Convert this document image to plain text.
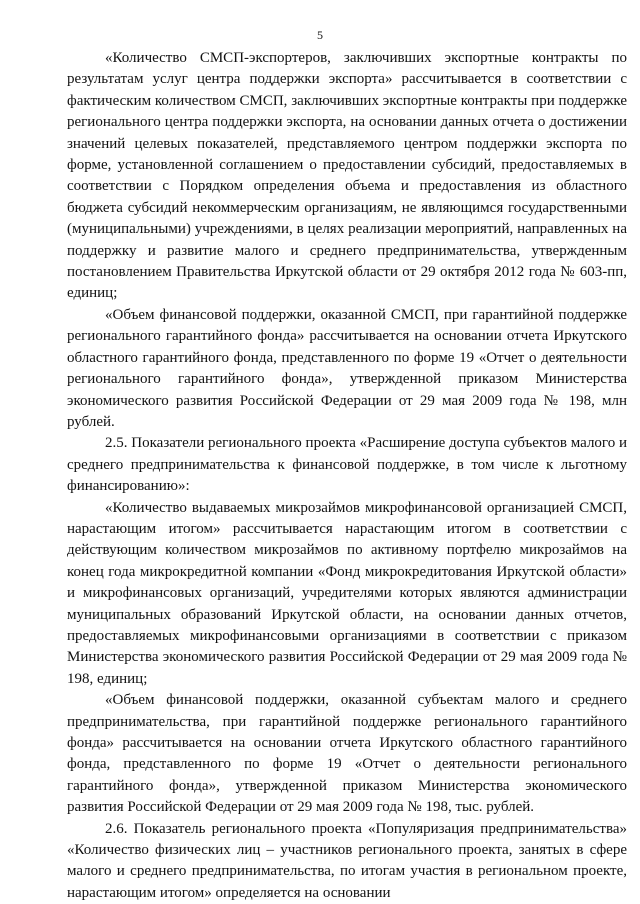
5

«Количество СМСП-экспортеров, заключивших экспортные контракты по результатам услуг центра поддержки экспорта» рассчитывается в соответствии с фактическим количеством СМСП, заключивших экспортные контракты при поддержке регионального центра поддержки экспорта, на основании данных отчета о достижении значений целевых показателей, представляемого центром поддержки экспорта по форме, установленной соглашением о предоставлении субсидий, предоставляемых в соответствии с Порядком определения объема и предоставления из областного бюджета субсидий некоммерческим организациям, не являющимся государственными (муниципальными) учреждениями, в целях реализации мероприятий, направленных на поддержку и развитие малого и среднего предпринимательства, утвержденным постановлением Правительства Иркутской области от 29 октября 2012 года № 603-пп, единиц;

«Объем финансовой поддержки, оказанной СМСП, при гарантийной поддержке регионального гарантийного фонда» рассчитывается на основании отчета Иркутского областного гарантийного фонда, представленного по форме 19 «Отчет о деятельности регионального гарантийного фонда», утвержденной приказом Министерства экономического развития Российской Федерации от 29 мая 2009 года № 198, млн рублей.

2.5. Показатели регионального проекта «Расширение доступа субъектов малого и среднего предпринимательства к финансовой поддержке, в том числе к льготному финансированию»:

«Количество выдаваемых микрозаймов микрофинансовой организацией СМСП, нарастающим итогом» рассчитывается нарастающим итогом в соответствии с действующим количеством микрозаймов по активному портфелю микрозаймов на конец года микрокредитной компании «Фонд микрокредитования Иркутской области» и микрофинансовых организаций, учредителями которых являются администрации муниципальных образований Иркутской области, на основании данных отчетов, предоставляемых микрофинансовыми организациями в соответствии с приказом Министерства экономического развития Российской Федерации от 29 мая 2009 года № 198, единиц;

«Объем финансовой поддержки, оказанной субъектам малого и среднего предпринимательства, при гарантийной поддержке регионального гарантийного фонда» рассчитывается на основании отчета Иркутского областного гарантийного фонда, представленного по форме 19 «Отчет о деятельности регионального гарантийного фонда», утвержденной приказом Министерства экономического развития Российской Федерации от 29 мая 2009 года № 198, тыс. рублей.

2.6. Показатель регионального проекта «Популяризация предпринимательства» «Количество физических лиц – участников регионального проекта, занятых в сфере малого и среднего предпринимательства, по итогам участия в региональном проекте, нарастающим итогом» определяется на основании
